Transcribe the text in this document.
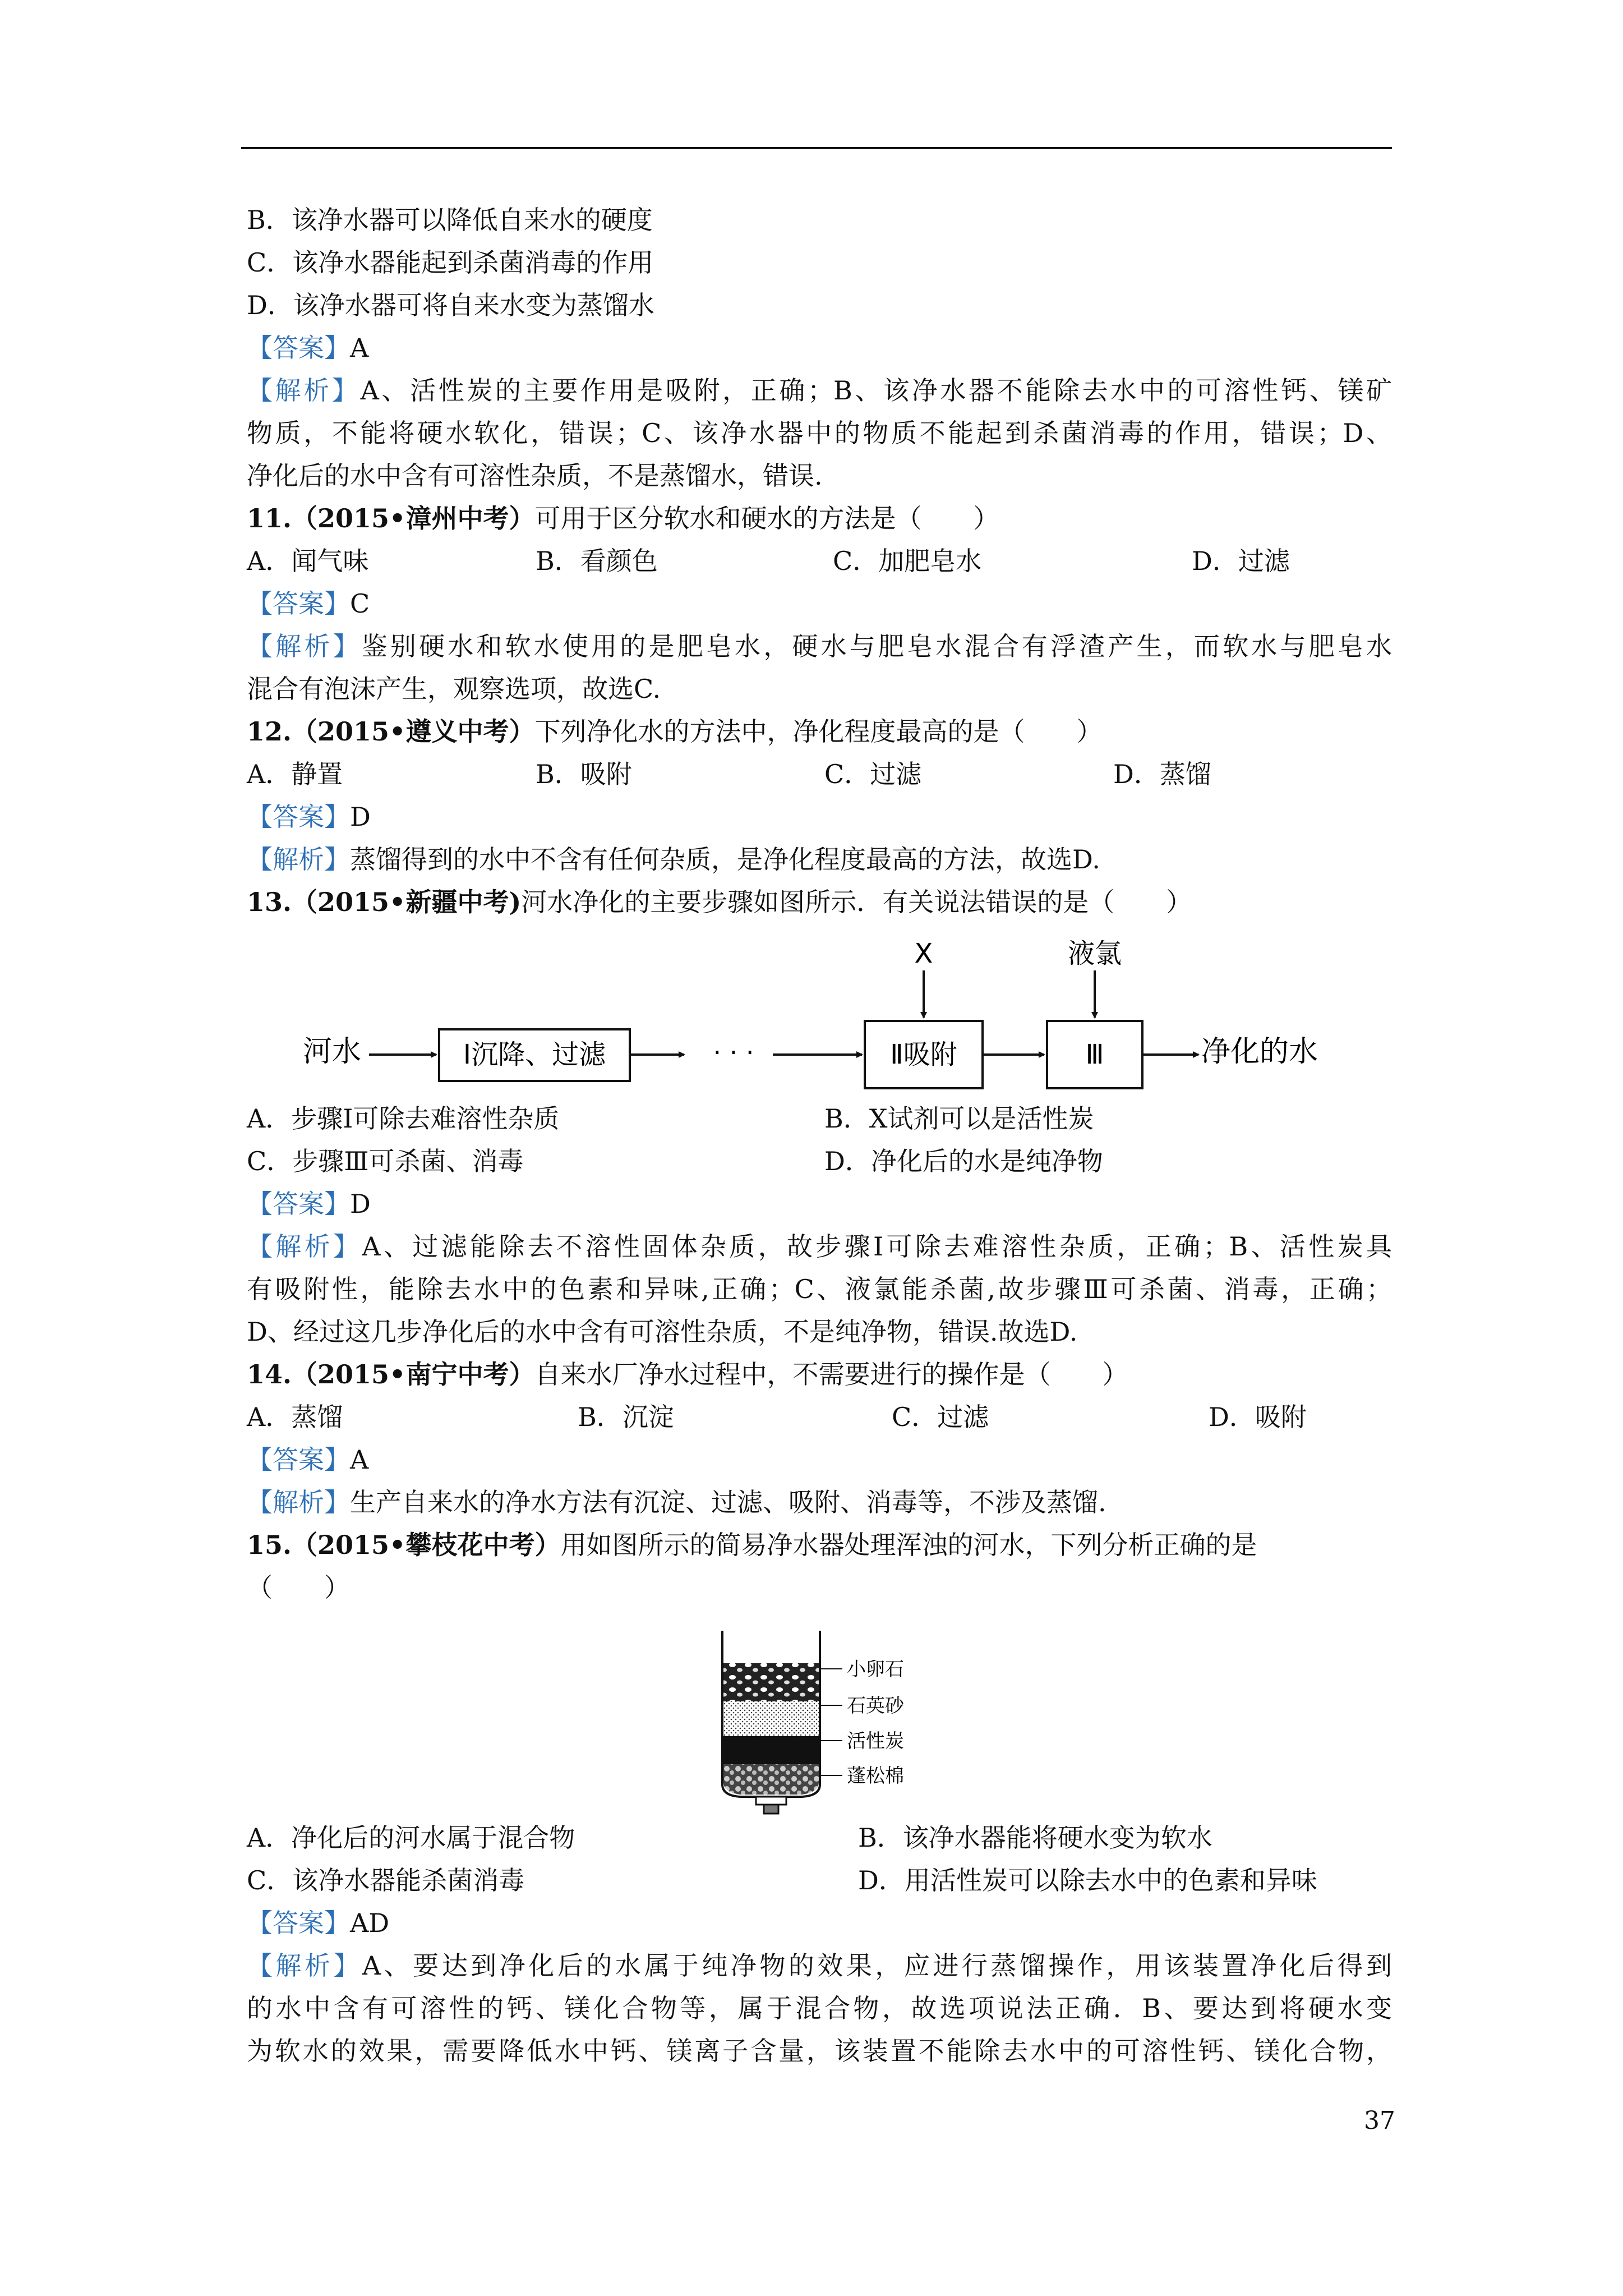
B．该净水器可以降低自来水的硬度
C．该净水器能起到杀菌消毒的作用
D．该净水器可将自来水变为蒸馏水
【答案】A
【解析】A、活性炭的主要作用是吸附，正确；B、该净水器不能除去水中的可溶性钙、镁矿
物质，不能将硬水软化，错误；C、该净水器中的物质不能起到杀菌消毒的作用，错误；D、
净化后的水中含有可溶性杂质，不是蒸馏水，错误.
11.（2015•漳州中考）可用于区分软水和硬水的方法是（　　）
A．闻气味	B．看颜色	C．加肥皂水	D．过滤
【答案】C
【解析】鉴别硬水和软水使用的是肥皂水，硬水与肥皂水混合有浮渣产生，而软水与肥皂水
混合有泡沫产生，观察选项，故选C.
12.（2015•遵义中考）下列净化水的方法中，净化程度最高的是（　　）
A．静置	B．吸附	C．过滤	D．蒸馏
【答案】D
【解析】蒸馏得到的水中不含有任何杂质，是净化程度最高的方法，故选D.
13.（2015•新疆中考)河水净化的主要步骤如图所示．有关说法错误的是（　　）
河水	Ⅰ沉降、过滤	· · ·	Ⅱ吸附
X
Ⅲ
液氯
净化的水
A．步骤Ⅰ可除去难溶性杂质	B．X试剂可以是活性炭
C．步骤Ⅲ可杀菌、消毒	D．净化后的水是纯净物
【答案】D
【解析】A、过滤能除去不溶性固体杂质，故步骤Ⅰ可除去难溶性杂质，正确；B、活性炭具
有吸附性，能除去水中的色素和异味,正确；C、液氯能杀菌,故步骤Ⅲ可杀菌、消毒，正确；
D、经过这几步净化后的水中含有可溶性杂质，不是纯净物，错误.故选D.
14.（2015•南宁中考）自来水厂净水过程中，不需要进行的操作是（　　）
A．蒸馏	B．沉淀	C．过滤	D．吸附
【答案】A
【解析】生产自来水的净水方法有沉淀、过滤、吸附、消毒等，不涉及蒸馏.
15.（2015•攀枝花中考）用如图所示的简易净水器处理浑浊的河水，下列分析正确的是
（　　）
小卵石
石英砂
活性炭
蓬松棉
A．净化后的河水属于混合物	B．该净水器能将硬水变为软水
C．该净水器能杀菌消毒	D．用活性炭可以除去水中的色素和异味
【答案】AD
【解析】A、要达到净化后的水属于纯净物的效果，应进行蒸馏操作，用该装置净化后得到
的水中含有可溶性的钙、镁化合物等，属于混合物，故选项说法正确．B、要达到将硬水变
为软水的效果，需要降低水中钙、镁离子含量，该装置不能除去水中的可溶性钙、镁化合物，
37
